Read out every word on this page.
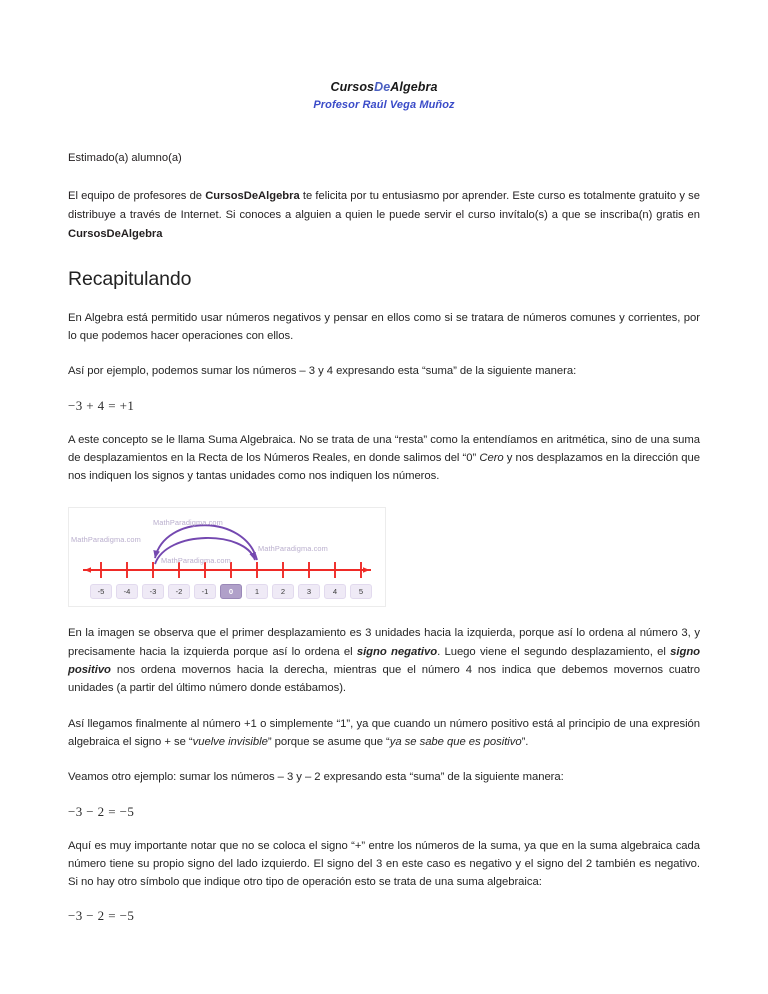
CursosDeAlgebra
Profesor Raúl Vega Muñoz
Estimado(a) alumno(a)
El equipo de profesores de CursosDeAlgebra te felicita por tu entusiasmo por aprender. Este curso es totalmente gratuito y se distribuye a través de Internet. Si conoces a alguien a quien le puede servir el curso invítalo(s) a que se inscriba(n) gratis en CursosDeAlgebra
Recapitulando

En Algebra está permitido usar números negativos y pensar en ellos como si se tratara de números comunes y corrientes, por lo que podemos hacer operaciones con ellos.

Así por ejemplo, podemos sumar los números – 3 y 4 expresando esta “suma” de la siguiente manera:

−3 + 4 = +1

A este concepto se le llama Suma Algebraica. No se trata de una “resta” como la entendíamos en aritmética, sino de una suma de desplazamientos en la Recta de los Números Reales, en donde salimos del “0” Cero y nos desplazamos en la dirección que nos indiquen los signos y tantas unidades como nos indiquen los números.

MathParadigma.com
MathParadigma.com
MathParadigma.com
MathParadigma.com
-5	-4	-3	-2	-1	0	1	2	3	4	5

En la imagen se observa que el primer desplazamiento es 3 unidades hacia la izquierda, porque así lo ordena al número 3, y precisamente hacia la izquierda porque así lo ordena el signo negativo. Luego viene el segundo desplazamiento, el signo positivo nos ordena movernos hacia la derecha, mientras que el número 4 nos indica que debemos movernos cuatro unidades (a partir del último número donde estábamos).

Así llegamos finalmente al número +1 o simplemente “1”, ya que cuando un número positivo está al principio de una expresión algebraica el signo + se “vuelve invisible” porque se asume que “ya se sabe que es positivo”.

Veamos otro ejemplo: sumar los números – 3 y – 2 expresando esta “suma” de la siguiente manera:

−3 − 2 = −5

Aquí es muy importante notar que no se coloca el signo “+” entre los números de la suma, ya que en la suma algebraica cada número tiene su propio signo del lado izquierdo. El signo del 3 en este caso es negativo y el signo del 2 también es negativo. Si no hay otro símbolo que indique otro tipo de operación esto se trata de una suma algebraica:

−3 − 2 = −5
